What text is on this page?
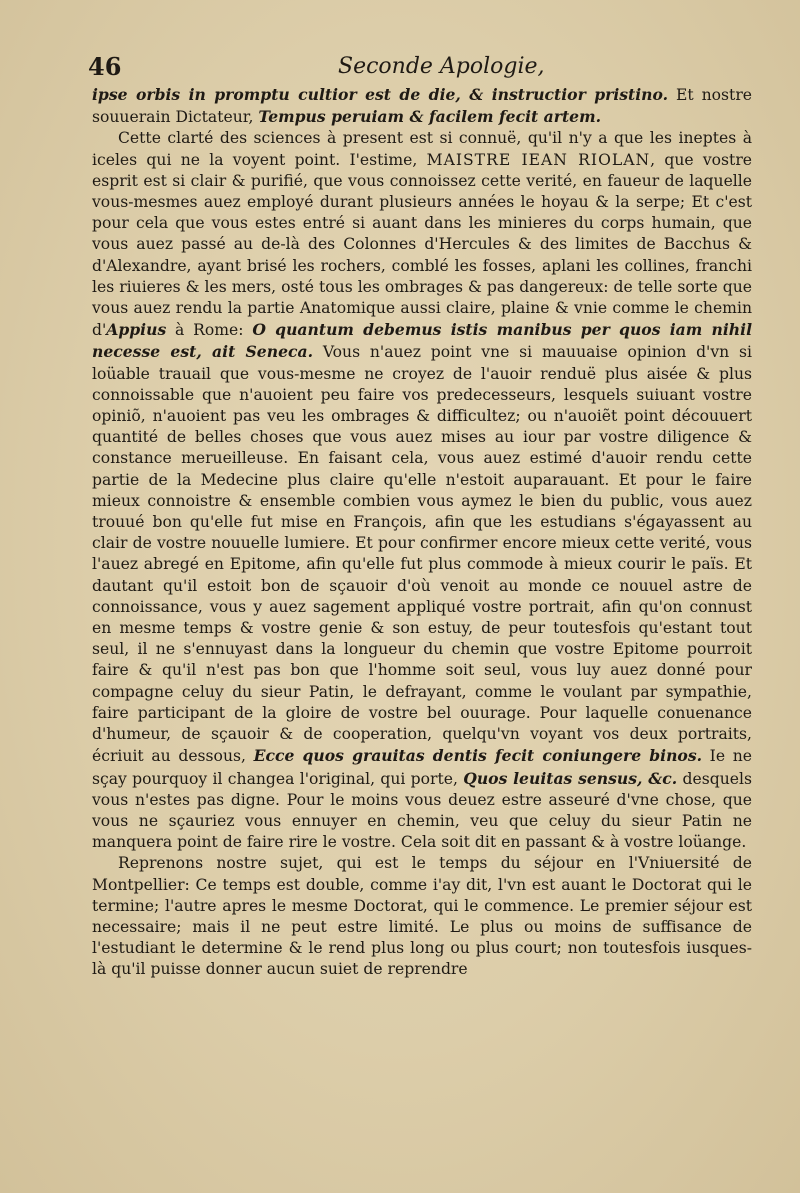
46	Seconde Apologie,

ipse orbis in promptu cultior est de die, & instructior pristino. Et nostre souuerain Dictateur, Tempus peruiam & facilem fecit artem.

Cette clarté des sciences à present est si connuë, qu'il n'y a que les ineptes à iceles qui ne la voyent point. I'estime, MAISTRE IEAN RIOLAN, que vostre esprit est si clair & purifié, que vous connoissez cette verité, en faueur de laquelle vous-mesmes auez employé durant plusieurs années le hoyau & la serpe; Et c'est pour cela que vous estes entré si auant dans les minieres du corps humain, que vous auez passé au de-là des Colonnes d'Hercules & des limites de Bacchus & d'Alexandre, ayant brisé les rochers, comblé les fosses, aplani les collines, franchi les riuieres & les mers, osté tous les ombrages & pas dangereux: de telle sorte que vous auez rendu la partie Anatomique aussi claire, plaine & vnie comme le chemin d'Appius à Rome: O quantum debemus istis manibus per quos iam nihil necesse est, ait Seneca. Vous n'auez point vne si mauuaise opinion d'vn si loüable trauail que vous-mesme ne croyez de l'auoir renduë plus aisée & plus connoissable que n'auoient peu faire vos predecesseurs, lesquels suiuant vostre opiniõ, n'auoient pas veu les ombrages & difficultez; ou n'auoiẽt point découuert quantité de belles choses que vous auez mises au iour par vostre diligence & constance merueilleuse. En faisant cela, vous auez estimé d'auoir rendu cette partie de la Medecine plus claire qu'elle n'estoit auparauant. Et pour le faire mieux connoistre & ensemble combien vous aymez le bien du public, vous auez trouué bon qu'elle fut mise en François, afin que les estudians s'égayassent au clair de vostre nouuelle lumiere. Et pour confirmer encore mieux cette verité, vous l'auez abregé en Epitome, afin qu'elle fut plus commode à mieux courir le païs. Et dautant qu'il estoit bon de sçauoir d'où venoit au monde ce nouuel astre de connoissance, vous y auez sagement appliqué vostre portrait, afin qu'on connust en mesme temps & vostre genie & son estuy, de peur toutesfois qu'estant tout seul, il ne s'ennuyast dans la longueur du chemin que vostre Epitome pourroit faire & qu'il n'est pas bon que l'homme soit seul, vous luy auez donné pour compagne celuy du sieur Patin, le defrayant, comme le voulant par sympathie, faire participant de la gloire de vostre bel ouurage. Pour laquelle conuenance d'humeur, de sçauoir & de cooperation, quelqu'vn voyant vos deux portraits, écriuit au dessous, Ecce quos grauitas dentis fecit coniungere binos. Ie ne sçay pourquoy il changea l'original, qui porte, Quos leuitas sensus, &c. desquels vous n'estes pas digne. Pour le moins vous deuez estre asseuré d'vne chose, que vous ne sçauriez vous ennuyer en chemin, veu que celuy du sieur Patin ne manquera point de faire rire le vostre. Cela soit dit en passant & à vostre loüange.

Reprenons nostre sujet, qui est le temps du séjour en l'Vniuersité de Montpellier: Ce temps est double, comme i'ay dit, l'vn est auant le Doctorat qui le termine; l'autre apres le mesme Doctorat, qui le commence. Le premier séjour est necessaire; mais il ne peut estre limité. Le plus ou moins de suffisance de l'estudiant le determine & le rend plus long ou plus court; non toutesfois iusques-là qu'il puisse donner aucun suiet de reprendre
